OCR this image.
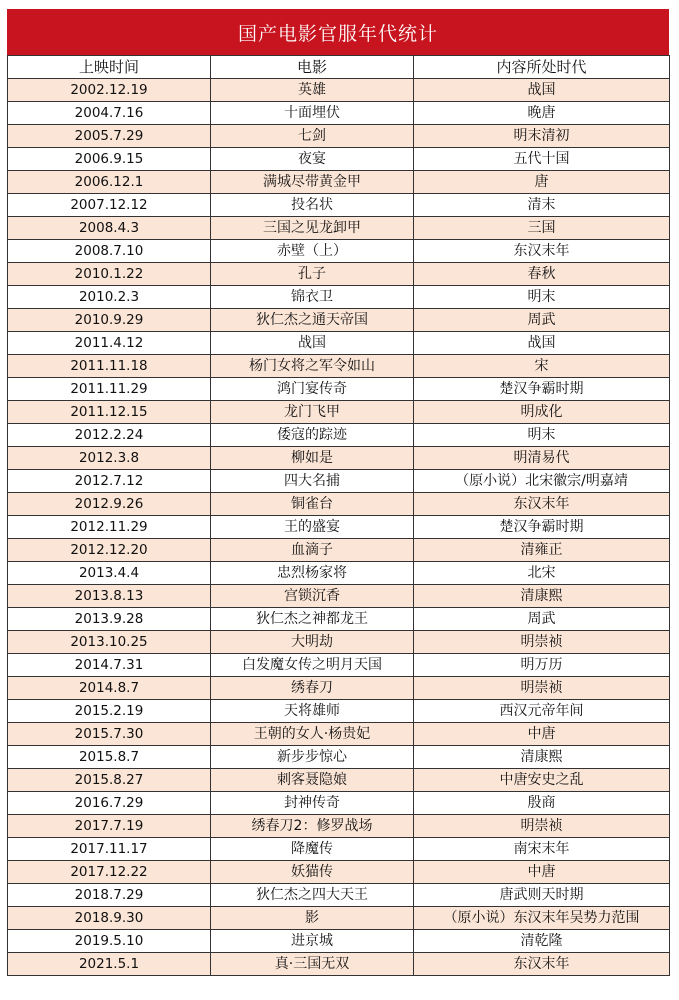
国产电影官服年代统计
上映时间	电影	内容所处时代
2002.12.19	英雄	战国
2004.7.16	十面埋伏	晚唐
2005.7.29	七剑	明末清初
2006.9.15	夜宴	五代十国
2006.12.1	满城尽带黄金甲	唐
2007.12.12	投名状	清末
2008.4.3	三国之见龙卸甲	三国
2008.7.10	赤壁（上）	东汉末年
2010.1.22	孔子	春秋
2010.2.3	锦衣卫	明末
2010.9.29	狄仁杰之通天帝国	周武
2011.4.12	战国	战国
2011.11.18	杨门女将之军令如山	宋
2011.11.29	鸿门宴传奇	楚汉争霸时期
2011.12.15	龙门飞甲	明成化
2012.2.24	倭寇的踪迹	明末
2012.3.8	柳如是	明清易代
2012.7.12	四大名捕	（原小说）北宋徽宗/明嘉靖
2012.9.26	铜雀台	东汉末年
2012.11.29	王的盛宴	楚汉争霸时期
2012.12.20	血滴子	清雍正
2013.4.4	忠烈杨家将	北宋
2013.8.13	宫锁沉香	清康熙
2013.9.28	狄仁杰之神都龙王	周武
2013.10.25	大明劫	明崇祯
2014.7.31	白发魔女传之明月天国	明万历
2014.8.7	绣春刀	明崇祯
2015.2.19	天将雄师	西汉元帝年间
2015.7.30	王朝的女人·杨贵妃	中唐
2015.8.7	新步步惊心	清康熙
2015.8.27	刺客聂隐娘	中唐安史之乱
2016.7.29	封神传奇	殷商
2017.7.19	绣春刀2：修罗战场	明崇祯
2017.11.17	降魔传	南宋末年
2017.12.22	妖猫传	中唐
2018.7.29	狄仁杰之四大天王	唐武则天时期
2018.9.30	影	（原小说）东汉末年吴势力范围
2019.5.10	进京城	清乾隆
2021.5.1	真·三国无双	东汉末年
